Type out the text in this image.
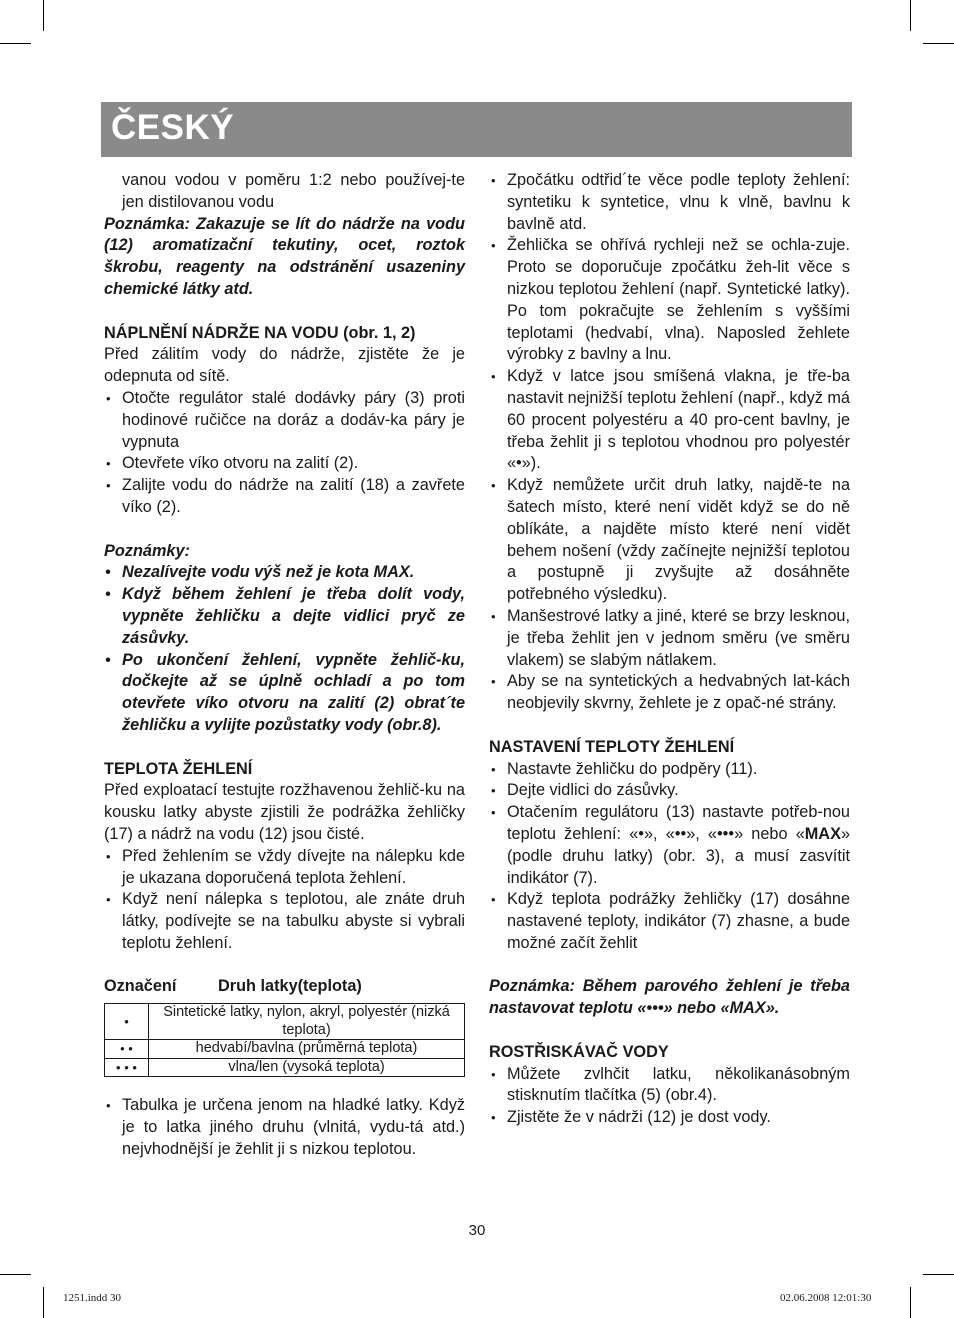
ČESKÝ

vanou vodou v poměru 1:2 nebo používej-te jen distilovanou vodu

Poznámka: Zakazuje se lít do nádrže na vodu (12) aromatizační tekutiny, ocet, roztok škrobu, reagenty na odstránění usazeniny chemické látky atd.

NÁPLNĚNÍ NÁDRŽE NA VODU (obr. 1, 2)

Před zálitím vody do nádrže, zjistěte že je odepnuta od sítě.

• Otočte regulátor stalé dodávky páry (3) proti hodinové ručičce na doráz a dodáv-ka páry je vypnuta
• Otevřete víko otvoru na zalití (2).
• Zalijte vodu do nádrže na zalití (18) a zavřete víko (2).

Poznámky:

• Nezalívejte vodu výš než je kota MAX.
• Když během žehlení je třeba dolít vody, vypněte žehličku a dejte vidlici pryč ze zásůvky.
• Po ukončení žehlení, vypněte žehlič-ku, dočkejte až se úplně ochladí a po tom otevřete víko otvoru na zalití (2) obrat´te žehličku a vylijte pozůstatky vody (obr.8).

TEPLOTA ŽEHLENÍ

Před exploatací testujte rozžhavenou žehlič-ku na kousku latky abyste zjistili že podrážka žehličky (17) a nádrž na vodu (12) jsou čisté.

• Před žehlením se vždy dívejte na nálepku kde je ukazana doporučená teplota žehlení.
• Když není nálepka s teplotou, ale znáte druh látky, podívejte se na tabulku abyste si vybrali teplotu žehlení.
Označení	Druh latky(teplota)
•	Sintetické latky, nylon, akryl, polyestér (nizká teplota)
• •	hedvabí/bavlna (průměrná teplota)
• • •	vlna/len (vysoká teplota)
• Tabulka je určena jenom na hladké latky. Když je to latka jiného druhu (vlnitá, vydu-tá atd.) nejvhodnější je žehlit ji s nizkou teplotou.
• Zpočátku odtřid´te věce podle teploty žehlení: syntetiku k syntetice, vlnu k vlně, bavlnu k bavlně atd.
• Žehlička se ohřívá rychleji než se ochla-zuje. Proto se doporučuje zpočátku žeh-lit věce s nizkou teplotou žehlení (např. Syntetické latky). Po tom pokračujte se žehlením s vyššími teplotami (hedvabí, vlna). Naposled žehlete výrobky z bavlny a lnu.
• Když v latce jsou smíšená vlakna, je tře-ba nastavit nejnižší teplotu žehlení (např., když má 60 procent polyestéru a 40 pro-cent bavlny, je třeba žehlit ji s teplotou vhodnou pro polyestér «•»).
• Když nemůžete určit druh latky, najdě-te na šatech místo, které není vidět když se do ně oblíkáte, a najděte místo které není vidět behem nošení (vždy začínejte nejnižší teplotou a postupně ji zvyšujte až dosáhněte potřebného výsledku).
• Manšestrové latky a jiné, které se brzy lesknou, je třeba žehlit jen v jednom směru (ve směru vlakem) se slabým nátlakem.
• Aby se na syntetických a hedvabných lat-kách neobjevily skvrny, žehlete je z opač-né strány.

NASTAVENÍ TEPLOTY ŽEHLENÍ

• Nastavte žehličku do podpěry (11).
• Dejte vidlici do zásůvky.
• Otačením regulátoru (13) nastavte potřeb-nou teplotu žehlení: «•», «••», «•••» nebo «MAX» (podle druhu latky) (obr. 3), a musí zasvítit indikátor (7).
• Když teplota podrážky žehličky (17) dosáhne nastavené teploty, indikátor (7) zhasne, a bude možné začít žehlit

Poznámka: Během parového žehlení je třeba nastavovat teplotu «•••» nebo «MAX».

ROSTŘISKÁVAČ VODY

• Můžete zvlhčit latku, několikanásobným stisknutím tlačítka (5) (obr.4).
• Zjistěte že v nádrži (12) je dost vody.
30
1251.indd 30	02.06.2008 12:01:30
